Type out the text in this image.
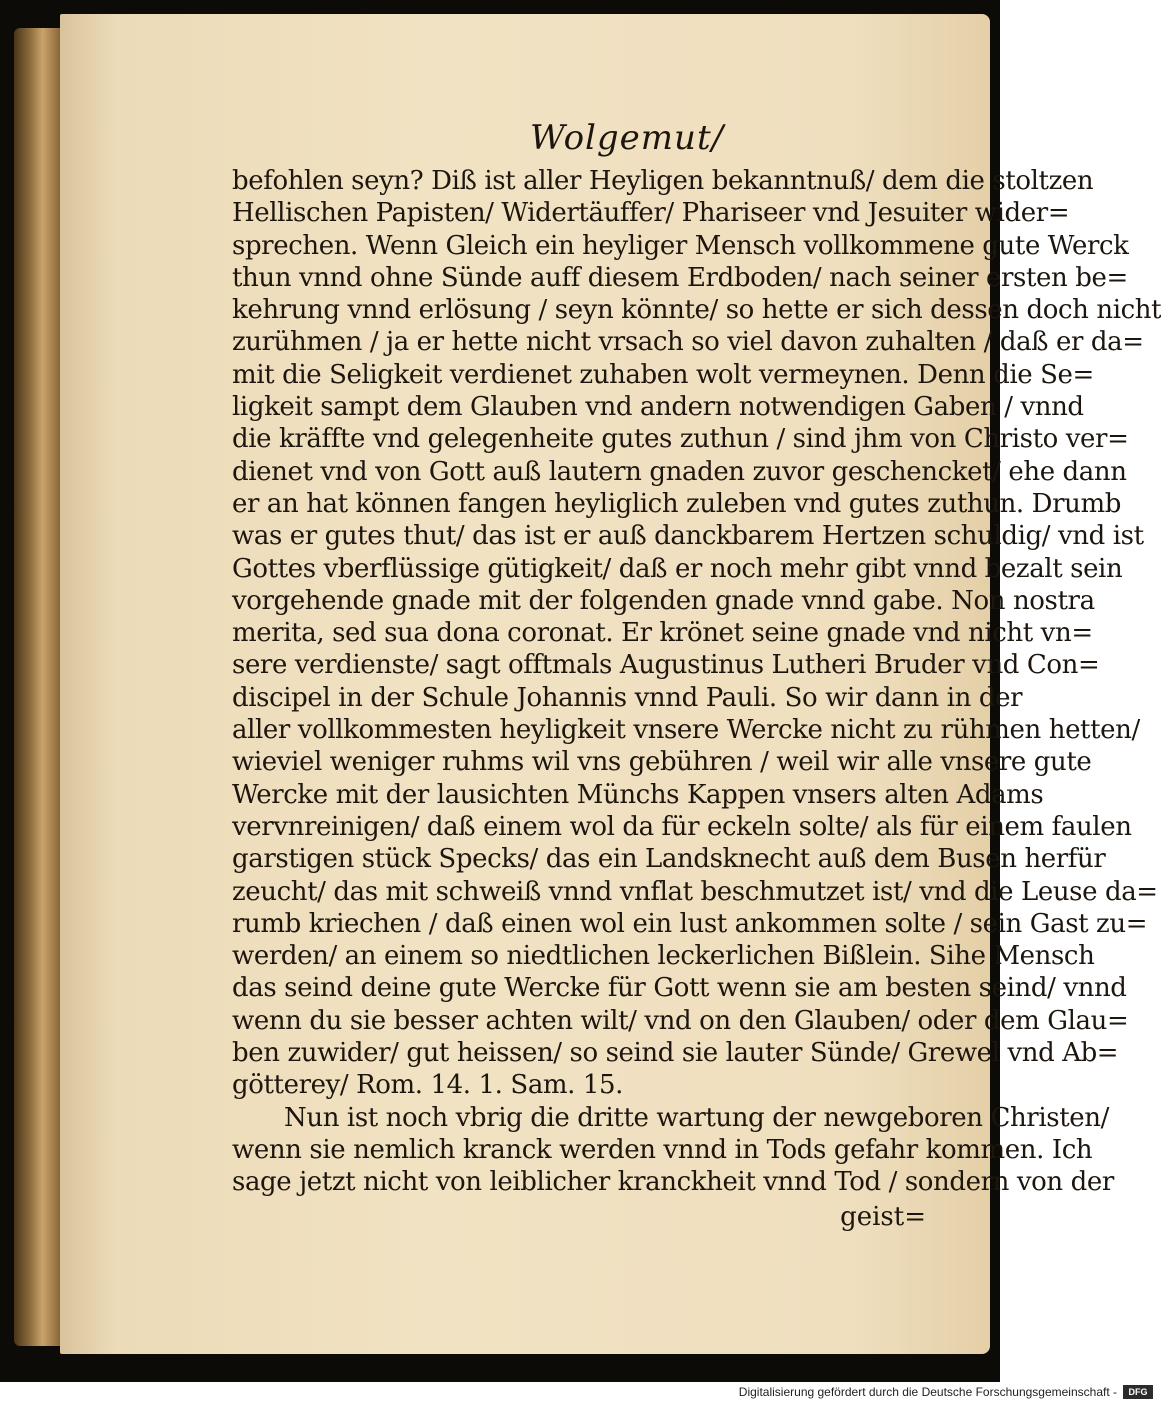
Wolgemut/
befohlen seyn? Diß ist aller Heyligen bekanntnuß/ dem die stoltzen
Hellischen Papisten/ Widertäuffer/ Phariseer vnd Jesuiter wider=
sprechen. Wenn Gleich ein heyliger Mensch vollkommene gute Werck
thun vnnd ohne Sünde auff diesem Erdboden/ nach seiner ersten be=
kehrung vnnd erlösung / seyn könnte/ so hette er sich dessen doch nicht
zurühmen / ja er hette nicht vrsach so viel davon zuhalten / daß er da=
mit die Seligkeit verdienet zuhaben wolt vermeynen. Denn die Se=
ligkeit sampt dem Glauben vnd andern notwendigen Gaben / vnnd
die kräffte vnd gelegenheite gutes zuthun / sind jhm von Christo ver=
dienet vnd von Gott auß lautern gnaden zuvor geschencket/ ehe dann
er an hat können fangen heyliglich zuleben vnd gutes zuthun. Drumb
was er gutes thut/ das ist er auß danckbarem Hertzen schuldig/ vnd ist
Gottes vberflüssige gütigkeit/ daß er noch mehr gibt vnnd bezalt sein
vorgehende gnade mit der folgenden gnade vnnd gabe. Non nostra
merita, sed sua dona coronat. Er krönet seine gnade vnd nicht vn=
sere verdienste/ sagt offtmals Augustinus Lutheri Bruder vnd Con=
discipel in der Schule Johannis vnnd Pauli. So wir dann in der
aller vollkommesten heyligkeit vnsere Wercke nicht zu rühmen hetten/
wieviel weniger ruhms wil vns gebühren / weil wir alle vnsere gute
Wercke mit der lausichten Münchs Kappen vnsers alten Adams
vervnreinigen/ daß einem wol da für eckeln solte/ als für einem faulen
garstigen stück Specks/ das ein Landsknecht auß dem Busen herfür
zeucht/ das mit schweiß vnnd vnflat beschmutzet ist/ vnd die Leuse da=
rumb kriechen / daß einen wol ein lust ankommen solte / sein Gast zu=
werden/ an einem so niedtlichen leckerlichen Bißlein. Sihe Mensch
das seind deine gute Wercke für Gott wenn sie am besten seind/ vnnd
wenn du sie besser achten wilt/ vnd on den Glauben/ oder dem Glau=
ben zuwider/ gut heissen/ so seind sie lauter Sünde/ Grewel vnd Ab=
götterey/ Rom. 14. 1. Sam. 15.
Nun ist noch vbrig die dritte wartung der newgeboren Christen/
wenn sie nemlich kranck werden vnnd in Tods gefahr kommen. Ich
sage jetzt nicht von leiblicher kranckheit vnnd Tod / sondern von der
geist=
Digitalisierung gefördert durch die Deutsche Forschungsgemeinschaft -	DFG
